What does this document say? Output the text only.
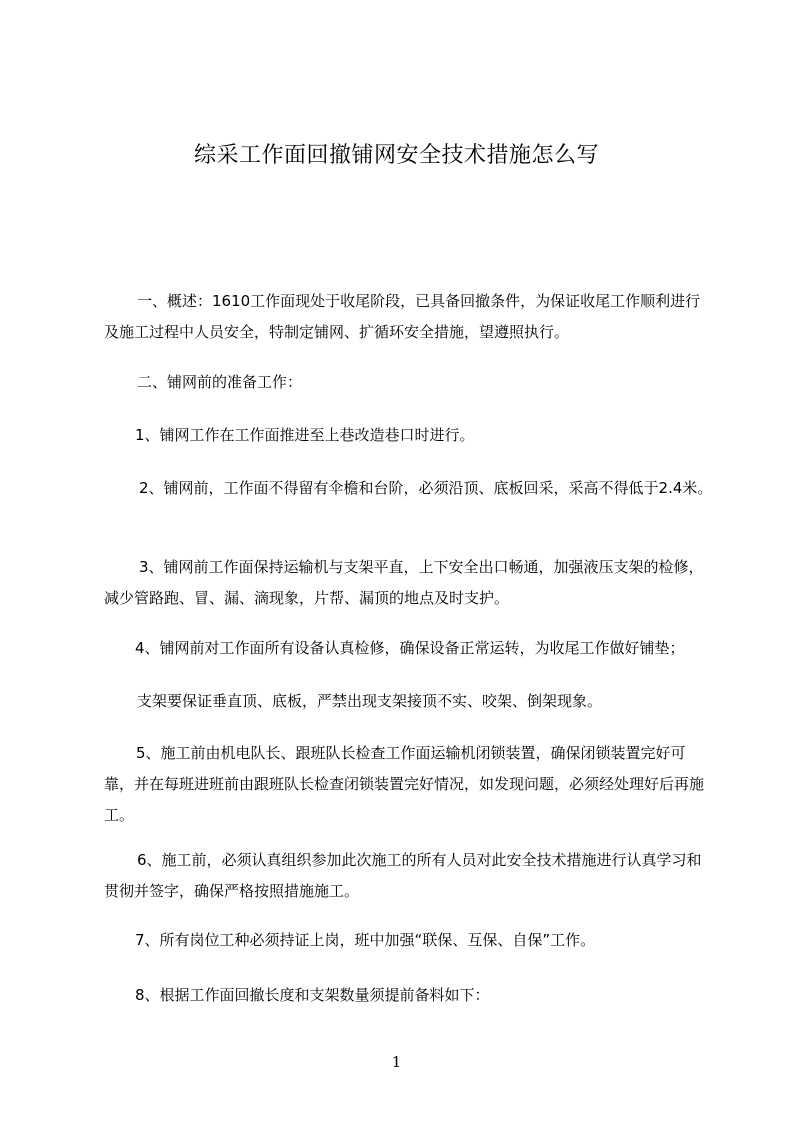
综采工作面回撤铺网安全技术措施怎么写

一、概述：1610工作面现处于收尾阶段，已具备回撤条件，为保证收尾工作顺利进行及施工过程中人员安全，特制定铺网、扩循环安全措施，望遵照执行。

二、铺网前的准备工作：

1、铺网工作在工作面推进至上巷改造巷口时进行。

2、铺网前，工作面不得留有伞檐和台阶，必须沿顶、底板回采，采高不得低于2.4米。

3、铺网前工作面保持运输机与支架平直，上下安全出口畅通，加强液压支架的检修，减少管路跑、冒、漏、滴现象，片帮、漏顶的地点及时支护。

4、铺网前对工作面所有设备认真检修，确保设备正常运转，为收尾工作做好铺垫；

支架要保证垂直顶、底板，严禁出现支架接顶不实、咬架、倒架现象。

5、施工前由机电队长、跟班队长检查工作面运输机闭锁装置，确保闭锁装置完好可靠，并在每班进班前由跟班队长检查闭锁装置完好情况，如发现问题，必须经处理好后再施工。

6、施工前，必须认真组织参加此次施工的所有人员对此安全技术措施进行认真学习和贯彻并签字，确保严格按照措施施工。

7、所有岗位工种必须持证上岗，班中加强“联保、互保、自保”工作。

8、根据工作面回撤长度和支架数量须提前备料如下：

1
